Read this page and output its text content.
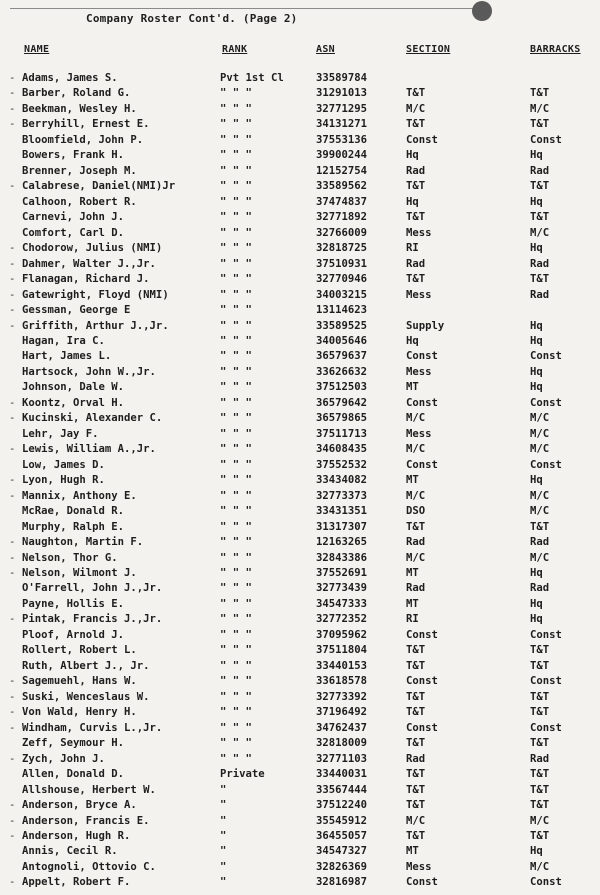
Company Roster Cont'd. (Page 2)
NAME	RANK	ASN	SECTION	BARRACKS
- Adams, James S.	Pvt 1st Cl	33589784
- Barber, Roland G.	" " "	31291013	T&T	T&T
- Beekman, Wesley H.	" " "	32771295	M/C	M/C
- Berryhill, Ernest E.	" " "	34131271	T&T	T&T
Bloomfield, John P.	" " "	37553136	Const	Const
Bowers, Frank H.	" " "	39900244	Hq	Hq
Brenner, Joseph M.	" " "	12152754	Rad	Rad
- Calabrese, Daniel(NMI)Jr	" " "	33589562	T&T	T&T
Calhoon, Robert R.	" " "	37474837	Hq	Hq
Carnevi, John J.	" " "	32771892	T&T	T&T
Comfort, Carl D.	" " "	32766009	Mess	M/C
- Chodorow, Julius (NMI)	" " "	32818725	RI	Hq
- Dahmer, Walter J.,Jr.	" " "	37510931	Rad	Rad
- Flanagan, Richard J.	" " "	32770946	T&T	T&T
- Gatewright, Floyd (NMI)	" " "	34003215	Mess	Rad
- Gessman, George E	" " "	13114623
- Griffith, Arthur J.,Jr.	" " "	33589525	Supply	Hq
Hagan, Ira C.	" " "	34005646	Hq	Hq
Hart, James L.	" " "	36579637	Const	Const
Hartsock, John W.,Jr.	" " "	33626632	Mess	Hq
Johnson, Dale W.	" " "	37512503	MT	Hq
- Koontz, Orval H.	" " "	36579642	Const	Const
- Kucinski, Alexander C.	" " "	36579865	M/C	M/C
Lehr, Jay F.	" " "	37511713	Mess	M/C
- Lewis, William A.,Jr.	" " "	34608435	M/C	M/C
Low, James D.	" " "	37552532	Const	Const
- Lyon, Hugh R.	" " "	33434082	MT	Hq
- Mannix, Anthony E.	" " "	32773373	M/C	M/C
McRae, Donald R.	" " "	33431351	DSO	M/C
Murphy, Ralph E.	" " "	31317307	T&T	T&T
- Naughton, Martin F.	" " "	12163265	Rad	Rad
- Nelson, Thor G.	" " "	32843386	M/C	M/C
- Nelson, Wilmont J.	" " "	37552691	MT	Hq
O'Farrell, John J.,Jr.	" " "	32773439	Rad	Rad
Payne, Hollis E.	" " "	34547333	MT	Hq
- Pintak, Francis J.,Jr.	" " "	32772352	RI	Hq
Ploof, Arnold J.	" " "	37095962	Const	Const
Rollert, Robert L.	" " "	37511804	T&T	T&T
Ruth, Albert J., Jr.	" " "	33440153	T&T	T&T
- Sagemuehl, Hans W.	" " "	33618578	Const	Const
- Suski, Wenceslaus W.	" " "	32773392	T&T	T&T
- Von Wald, Henry H.	" " "	37196492	T&T	T&T
- Windham, Curvis L.,Jr.	" " "	34762437	Const	Const
Zeff, Seymour H.	" " "	32818009	T&T	T&T
- Zych, John J.	" " "	32771103	Rad	Rad
Allen, Donald D.	Private	33440031	T&T	T&T
Allshouse, Herbert W.	"	33567444	T&T	T&T
- Anderson, Bryce A.	"	37512240	T&T	T&T
- Anderson, Francis E.	"	35545912	M/C	M/C
- Anderson, Hugh R.	"	36455057	T&T	T&T
Annis, Cecil R.	"	34547327	MT	Hq
Antognoli, Ottovio C.	"	32826369	Mess	M/C
- Appelt, Robert F.	"	32816987	Const	Const
